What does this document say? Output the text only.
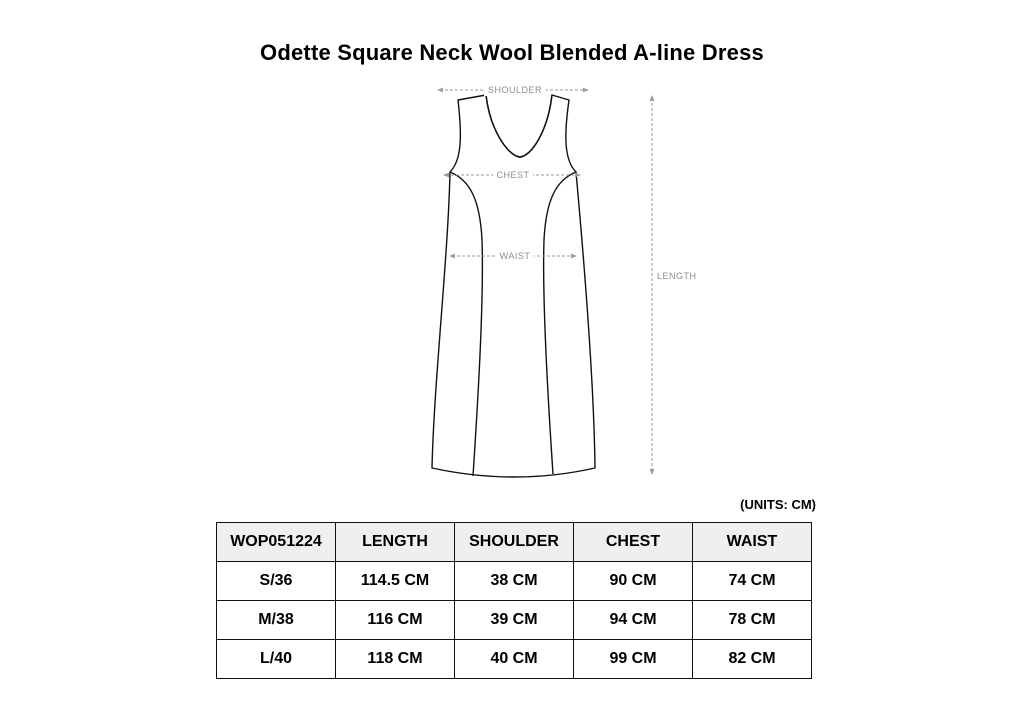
Odette Square Neck Wool Blended A-line Dress
SHOULDER
CHEST
WAIST
LENGTH
(UNITS: CM)
WOP051224	LENGTH	SHOULDER	CHEST	WAIST
S/36	114.5 CM	38 CM	90 CM	74 CM
M/38	116 CM	39 CM	94 CM	78 CM
L/40	118 CM	40 CM	99 CM	82 CM
